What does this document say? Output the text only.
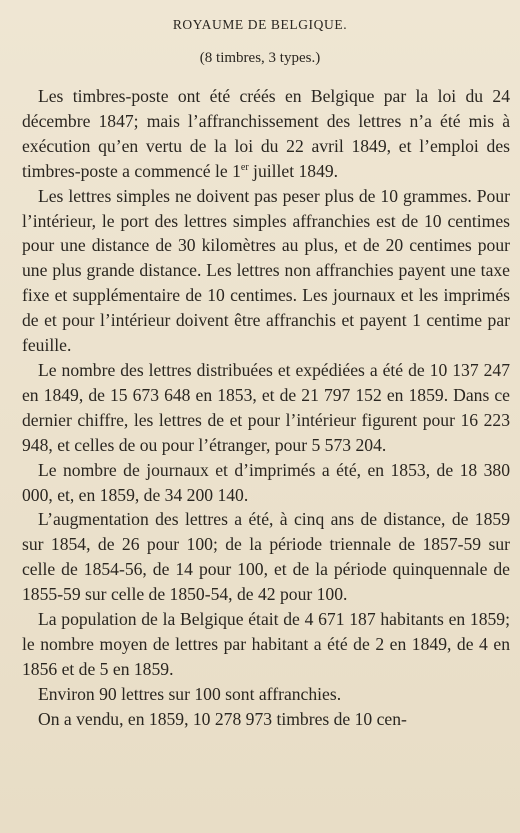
ROYAUME DE BELGIQUE.
(8 timbres, 3 types.)

Les timbres-poste ont été créés en Belgique par la loi du 24 décembre 1847; mais l’affranchissement des lettres n’a été mis à exécution qu’en vertu de la loi du 22 avril 1849, et l’emploi des timbres-poste a commencé le 1er juillet 1849.

Les lettres simples ne doivent pas peser plus de 10 grammes. Pour l’intérieur, le port des lettres simples affranchies est de 10 centimes pour une distance de 30 kilomètres au plus, et de 20 centimes pour une plus grande distance. Les lettres non affranchies payent une taxe fixe et supplémentaire de 10 centimes. Les journaux et les imprimés de et pour l’intérieur doivent être affranchis et payent 1 centime par feuille.

Le nombre des lettres distribuées et expédiées a été de 10 137 247 en 1849, de 15 673 648 en 1853, et de 21 797 152 en 1859. Dans ce dernier chiffre, les lettres de et pour l’intérieur figurent pour 16 223 948, et celles de ou pour l’étranger, pour 5 573 204.

Le nombre de journaux et d’imprimés a été, en 1853, de 18 380 000, et, en 1859, de 34 200 140.

L’augmentation des lettres a été, à cinq ans de distance, de 1859 sur 1854, de 26 pour 100; de la période triennale de 1857-59 sur celle de 1854-56, de 14 pour 100, et de la période quinquennale de 1855-59 sur celle de 1850-54, de 42 pour 100.

La population de la Belgique était de 4 671 187 habitants en 1859; le nombre moyen de lettres par habitant a été de 2 en 1849, de 4 en 1856 et de 5 en 1859.

Environ 90 lettres sur 100 sont affranchies.

On a vendu, en 1859, 10 278 973 timbres de 10 cen-
